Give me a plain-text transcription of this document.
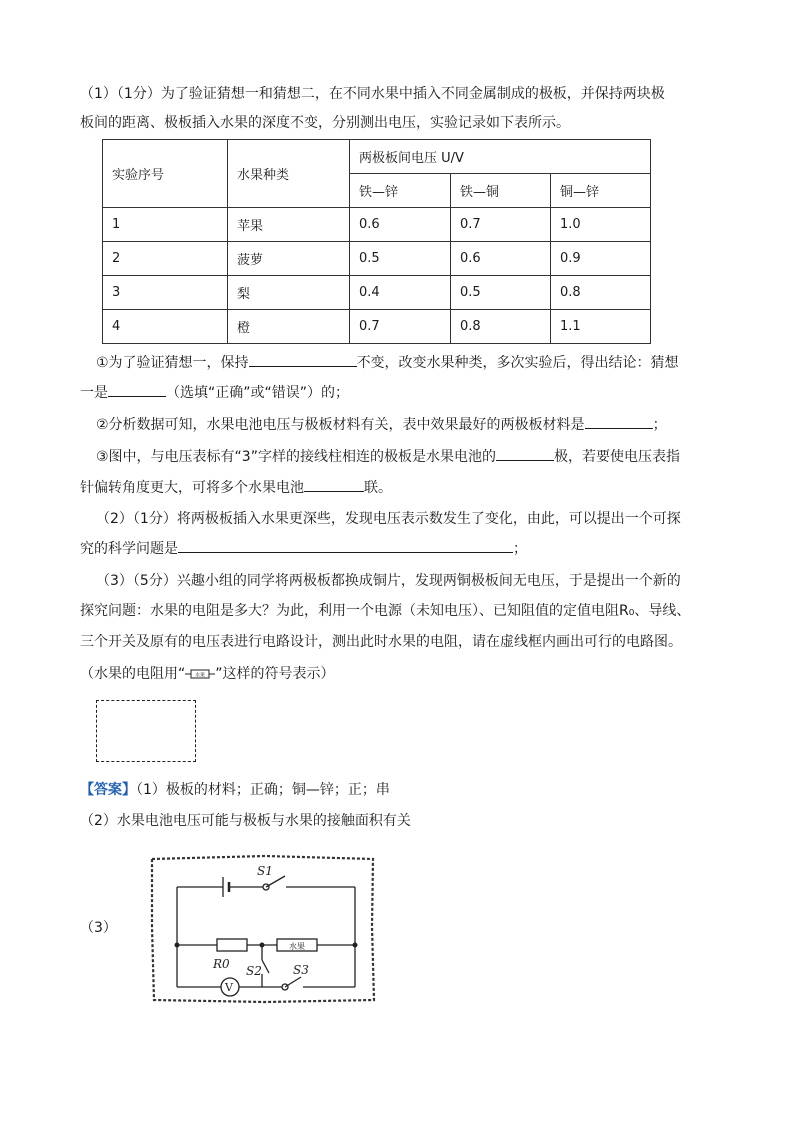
（1）（1分）为了验证猜想一和猜想二，在不同水果中插入不同金属制成的极板，并保持两块极
板间的距离、极板插入水果的深度不变，分别测出电压，实验记录如下表所示。
实验序号	水果种类	两极板间电压 U/V		
		铁—锌	铁—铜	铜—锌
1	苹果	0.6	0.7	1.0
2	菠萝	0.5	0.6	0.9
3	梨	0.4	0.5	0.8
4	橙	0.7	0.8	1.1
①为了验证猜想一，保持	不变，改变水果种类，多次实验后，得出结论：猜想
一是	（选填“正确”或“错误”）的；
②分析数据可知，水果电池电压与极板材料有关，表中效果最好的两极板材料是	；
③图中，与电压表标有“3”字样的接线柱相连的极板是水果电池的	极，若要使电压表指
针偏转角度更大，可将多个水果电池	联。
（2）（1分）将两极板插入水果更深些，发现电压表示数发生了变化，由此，可以提出一个可探
究的科学问题是	；
（3）（5分）兴趣小组的同学将两极板都换成铜片，发现两铜极板间无电压，于是提出一个新的
探究问题：水果的电阻是多大？为此，利用一个电源（未知电压）、已知阻值的定值电阻R₀、导线、
三个开关及原有的电压表进行电路设计，测出此时水果的电阻，请在虚线框内画出可行的电路图。
（水果的电阻用“ 水果 ”这样的符号表示）
【答案】（1）极板的材料；正确；铜—锌；正；串
（2）水果电池电压可能与极板与水果的接触面积有关
（3）
S1
R0 S2
V
S3
水果
